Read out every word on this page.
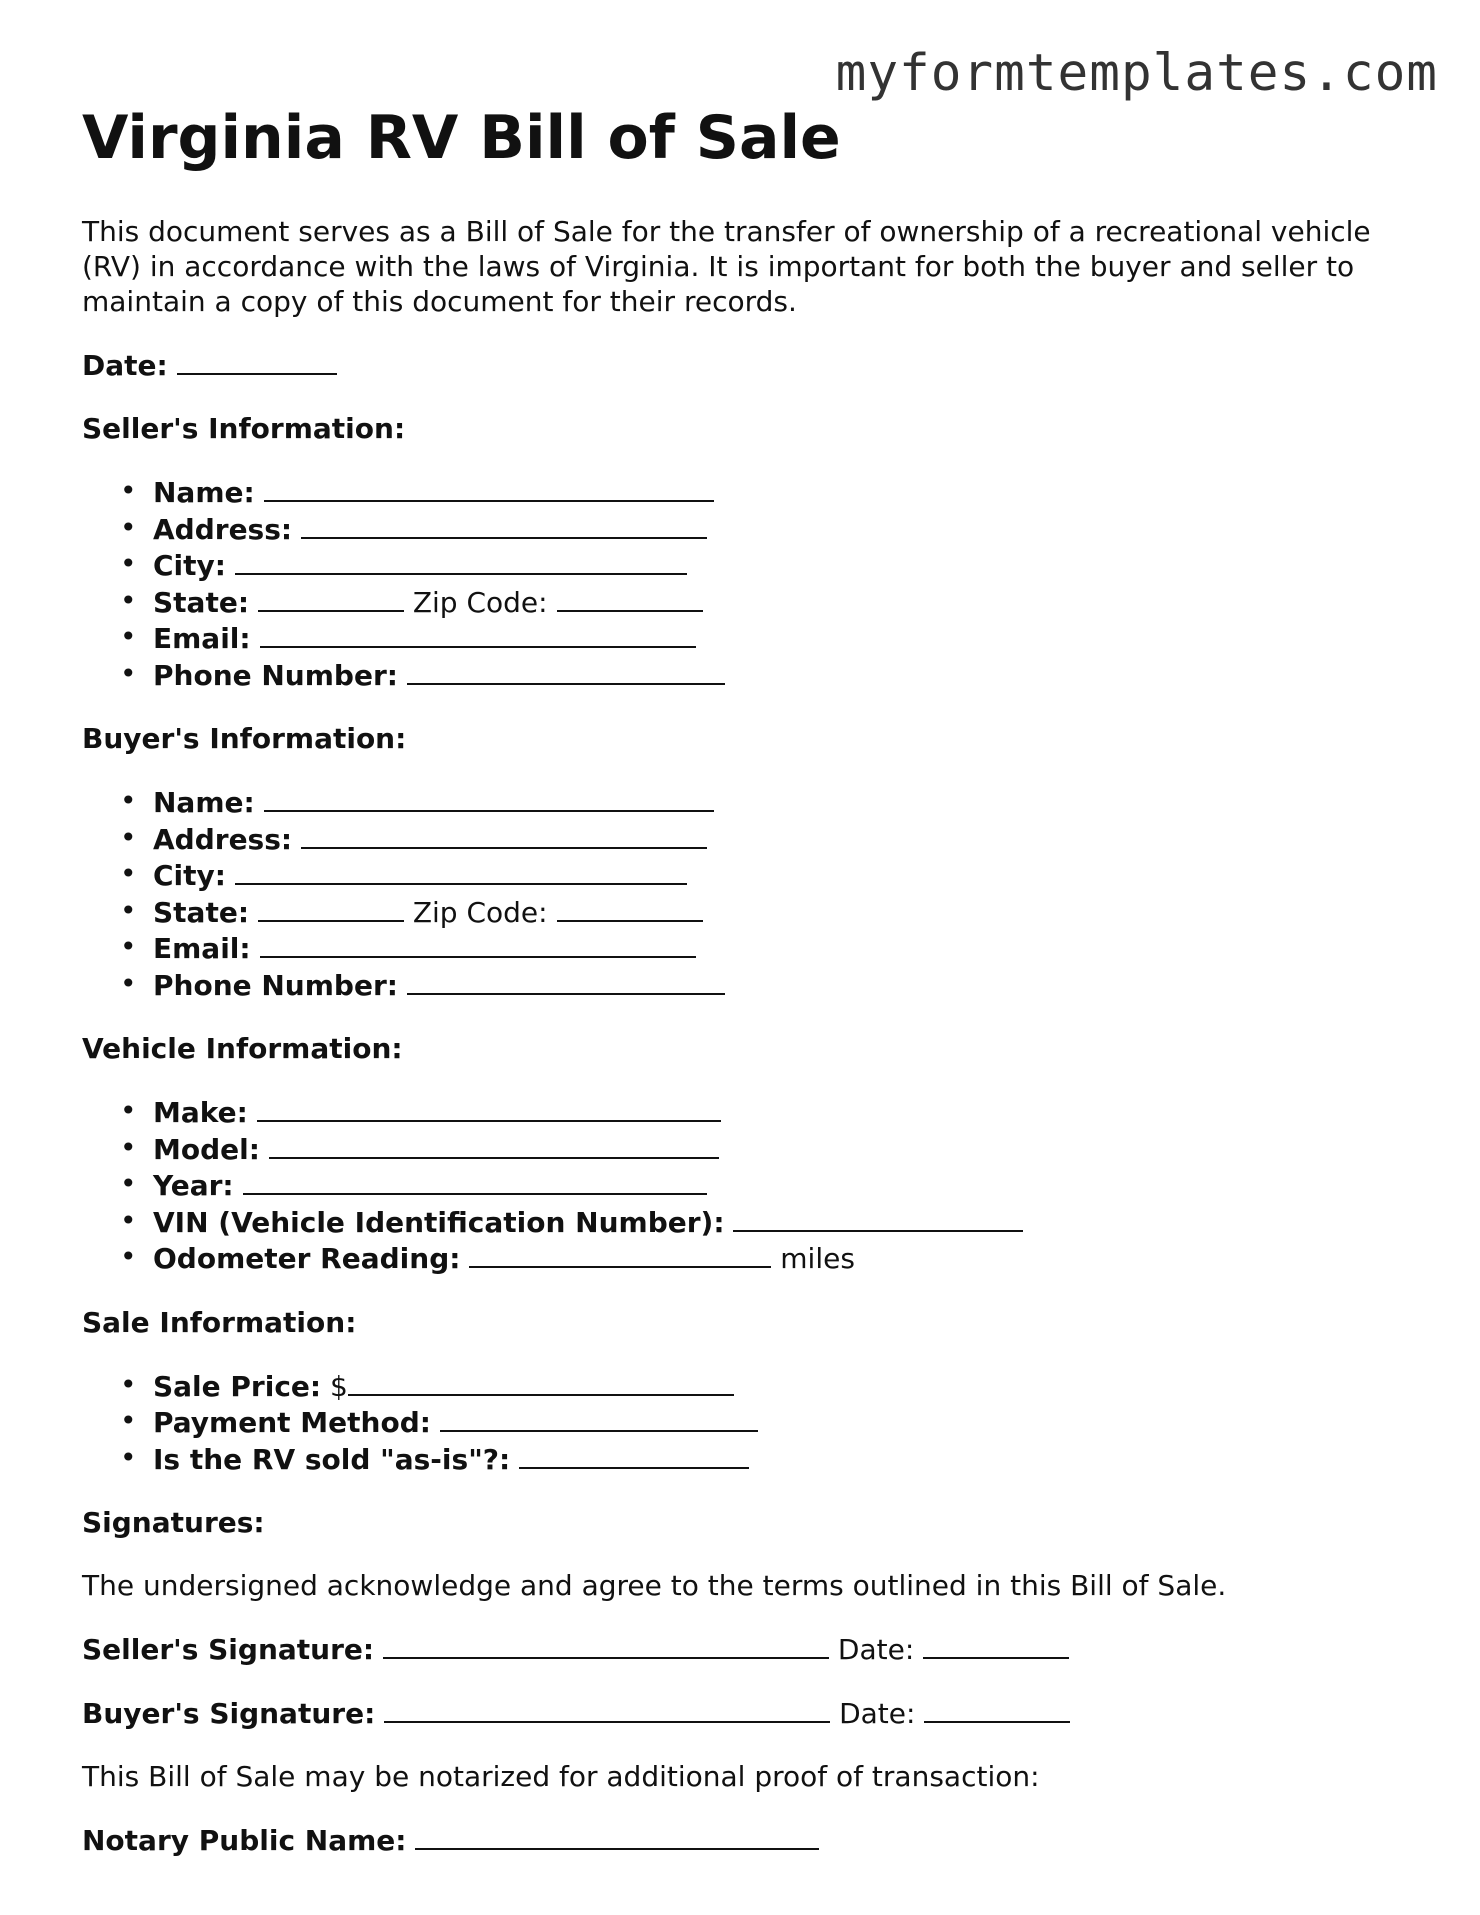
myformtemplates.com
Virginia RV Bill of Sale

This document serves as a Bill of Sale for the transfer of ownership of a recreational vehicle (RV) in accordance with the laws of Virginia. It is important for both the buyer and seller to maintain a copy of this document for their records.

Date:
Seller's Information:
• Name:
• Address:
• City:
• State:	Zip Code:
• Email:
• Phone Number:
Buyer's Information:
• Name:
• Address:
• City:
• State:	Zip Code:
• Email:
• Phone Number:
Vehicle Information:
• Make:
• Model:
• Year:
• VIN (Vehicle Identification Number):
• Odometer Reading:	miles
Sale Information:
• Sale Price: $
• Payment Method:
• Is the RV sold "as-is"?:
Signatures:
The undersigned acknowledge and agree to the terms outlined in this Bill of Sale.
Seller's Signature:	Date:
Buyer's Signature:	Date:
This Bill of Sale may be notarized for additional proof of transaction:
Notary Public Name:
